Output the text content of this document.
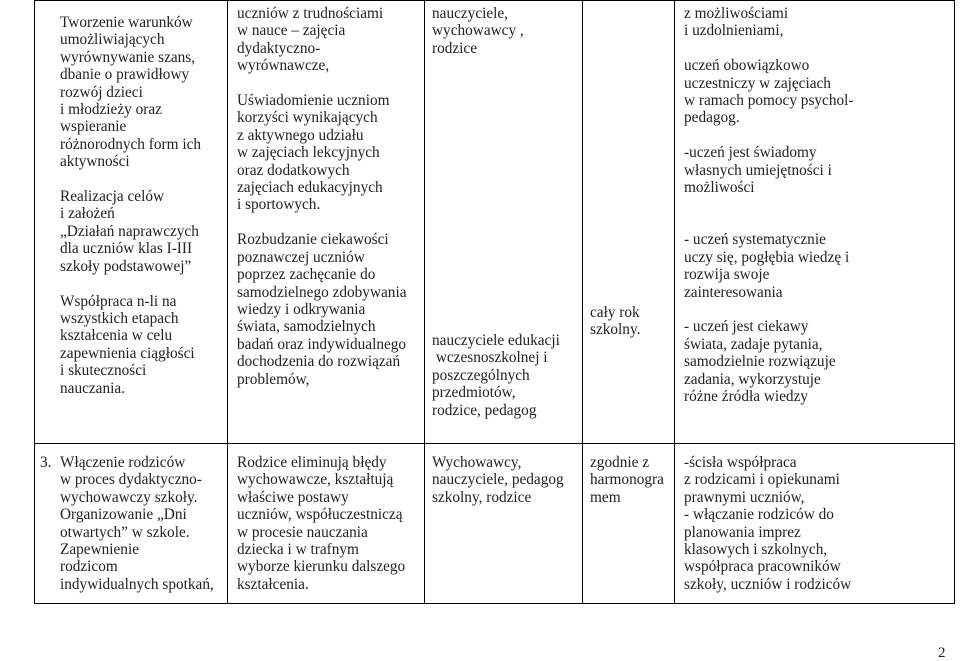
Tworzenie warunków
umożliwiających
wyrównywanie szans,
dbanie o prawidłowy
rozwój dzieci
i młodzieży oraz
wspieranie
różnorodnych form ich
aktywności

Realizacja celów
i założeń
„Działań naprawczych
dla uczniów klas I-III
szkoły podstawowej”

Współpraca n-li na
wszystkich etapach
kształcenia w celu
zapewnienia ciągłości
i skuteczności
nauczania.

3. Włączenie rodziców
w proces dydaktyczno-
wychowawczy szkoły.
Organizowanie „Dni
otwartych” w szkole.
Zapewnienie
rodzicom
indywidualnych spotkań,

uczniów z trudnościami
w nauce – zajęcia
dydaktyczno-
wyrównawcze,

Uświadomienie uczniom
korzyści wynikających
z aktywnego udziału
w zajęciach lekcyjnych
oraz dodatkowych
zajęciach edukacyjnych
i sportowych.

Rozbudzanie ciekawości
poznawczej uczniów
poprzez zachęcanie do
samodzielnego zdobywania
wiedzy i odkrywania
świata, samodzielnych
badań oraz indywidualnego
dochodzenia do rozwiązań
problemów,

Rodzice eliminują błędy
wychowawcze, kształtują
właściwe postawy
uczniów, współuczestniczą
w procesie nauczania
dziecka i w trafnym
wyborze kierunku dalszego
kształcenia.

nauczyciele,
wychowawcy ,
rodzice

nauczyciele edukacji
wczesnoszkolnej i
poszczególnych
przedmiotów,
rodzice, pedagog

Wychowawcy,
nauczyciele, pedagog
szkolny, rodzice

cały rok
szkolny.

zgodnie z
harmonogra
mem

z możliwościami
i uzdolnieniami,

uczeń obowiązkowo
uczestniczy w zajęciach
w ramach pomocy psychol-
pedagog.

-uczeń jest świadomy
własnych umiejętności i
możliwości

- uczeń systematycznie
uczy się, pogłębia wiedzę i
rozwija swoje
zainteresowania

- uczeń jest ciekawy
świata, zadaje pytania,
samodzielnie rozwiązuje
zadania, wykorzystuje
różne źródła wiedzy

-ścisła współpraca
z rodzicami i opiekunami
prawnymi uczniów,
- włączanie rodziców do
planowania imprez
klasowych i szkolnych,
współpraca pracowników
szkoły, uczniów i rodziców

2
